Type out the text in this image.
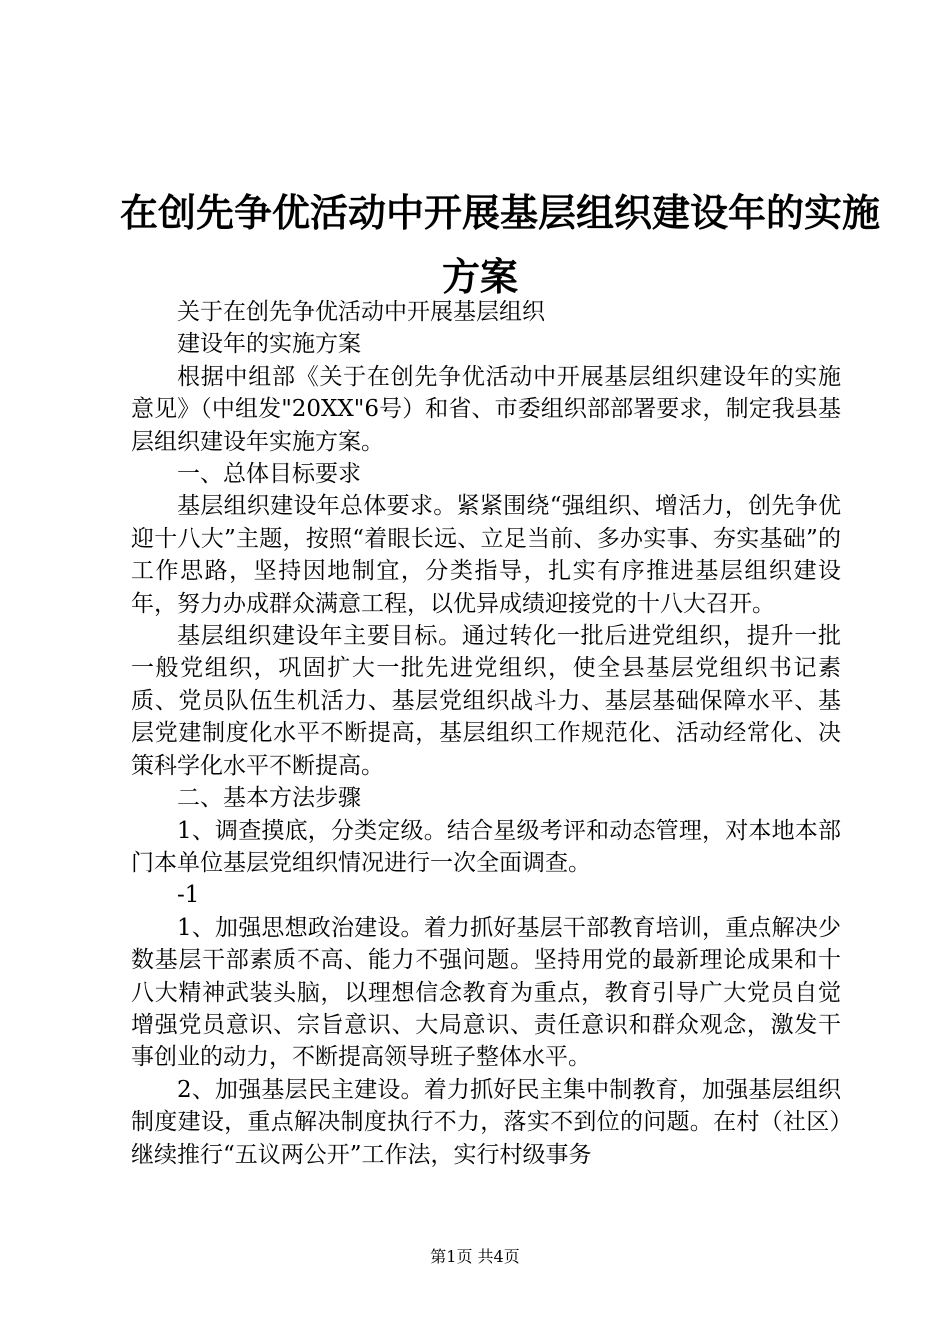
在创先争优活动中开展基层组织建设年的实施
方案

关于在创先争优活动中开展基层组织

建设年的实施方案

根据中组部《关于在创先争优活动中开展基层组织建设年的实施意见》（中组发"20XX"6号）和省、市委组织部部署要求，制定我县基层组织建设年实施方案。

一、总体目标要求

基层组织建设年总体要求。紧紧围绕“强组织、增活力，创先争优迎十八大”主题，按照“着眼长远、立足当前、多办实事、夯实基础”的工作思路，坚持因地制宜，分类指导，扎实有序推进基层组织建设年，努力办成群众满意工程，以优异成绩迎接党的十八大召开。

基层组织建设年主要目标。通过转化一批后进党组织，提升一批一般党组织，巩固扩大一批先进党组织，使全县基层党组织书记素质、党员队伍生机活力、基层党组织战斗力、基层基础保障水平、基层党建制度化水平不断提高，基层组织工作规范化、活动经常化、决策科学化水平不断提高。

二、基本方法步骤

1、调查摸底，分类定级。结合星级考评和动态管理，对本地本部门本单位基层党组织情况进行一次全面调查。

-1

1、加强思想政治建设。着力抓好基层干部教育培训，重点解决少数基层干部素质不高、能力不强问题。坚持用党的最新理论成果和十八大精神武装头脑，以理想信念教育为重点，教育引导广大党员自觉增强党员意识、宗旨意识、大局意识、责任意识和群众观念，激发干事创业的动力，不断提高领导班子整体水平。

2、加强基层民主建设。着力抓好民主集中制教育，加强基层组织制度建设，重点解决制度执行不力，落实不到位的问题。在村（社区）继续推行“五议两公开”工作法，实行村级事务

第1页 共4页
